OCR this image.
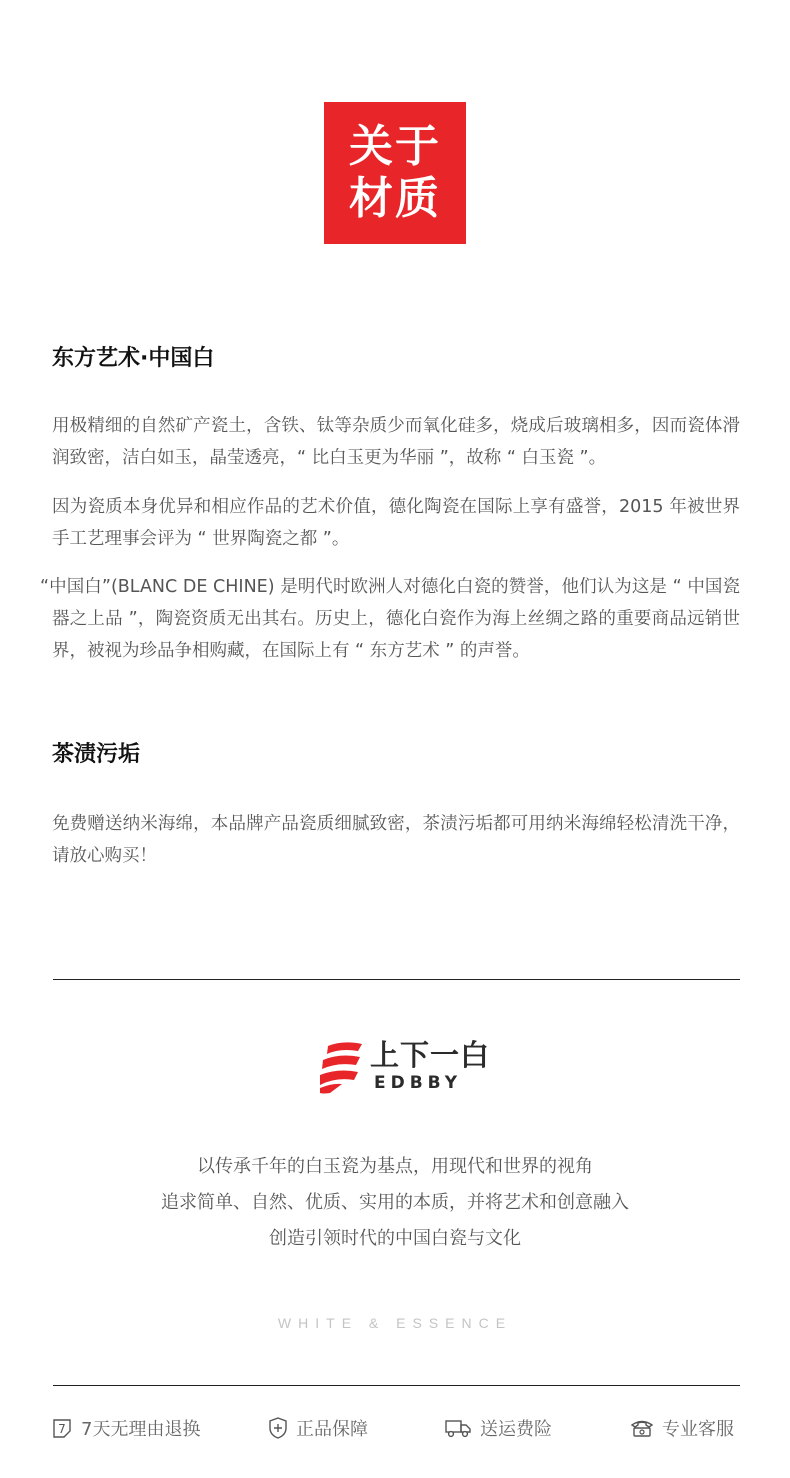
关于
材质
东方艺术·中国白

用极精细的自然矿产瓷土，含铁、钛等杂质少而氧化硅多，烧成后玻璃相多，因而瓷体滑润致密，洁白如玉，晶莹透亮，“ 比白玉更为华丽 ”，故称 “ 白玉瓷 ”。

因为瓷质本身优异和相应作品的艺术价值，德化陶瓷在国际上享有盛誉，2015 年被世界手工艺理事会评为 “ 世界陶瓷之都 ”。

“中国白”(BLANC DE CHINE) 是明代时欧洲人对德化白瓷的赞誉，他们认为这是 “ 中国瓷器之上品 ”，陶瓷资质无出其右。历史上，德化白瓷作为海上丝绸之路的重要商品远销世界，被视为珍品争相购藏，在国际上有 “ 东方艺术 ” 的声誉。

茶渍污垢

免费赠送纳米海绵，本品牌产品瓷质细腻致密，茶渍污垢都可用纳米海绵轻松清洗干净，请放心购买！

上下一白
EDBBY
以传承千年的白玉瓷为基点，用现代和世界的视角
追求简单、自然、优质、实用的本质，并将艺术和创意融入
创造引领时代的中国白瓷与文化
WHITE & ESSENCE
7 7天无理由退换	正品保障	送运费险	专业客服
